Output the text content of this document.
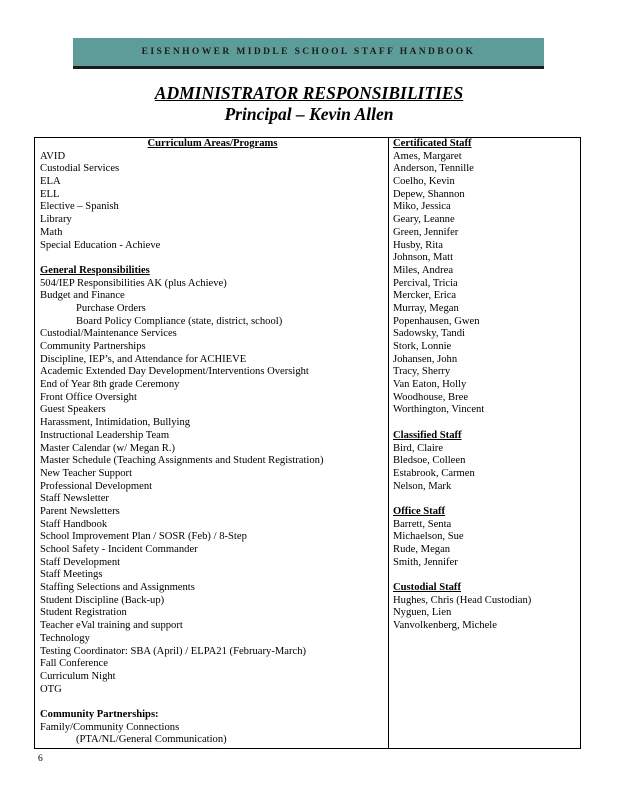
EISENHOWER MIDDLE SCHOOL STAFF HANDBOOK
ADMINISTRATOR RESPONSIBILITIES
Principal – Kevin Allen
Curriculum Areas/Programs
AVID
Custodial Services
ELA
ELL
Elective – Spanish
Library
Math
Special Education - Achieve
General Responsibilities
504/IEP Responsibilities AK (plus Achieve)
Budget and Finance
Purchase Orders
Board Policy Compliance (state, district, school)
Custodial/Maintenance Services
Community Partnerships
Discipline, IEP’s, and Attendance for ACHIEVE
Academic Extended Day Development/Interventions Oversight
End of Year 8th grade Ceremony
Front Office Oversight
Guest Speakers
Harassment, Intimidation, Bullying
Instructional Leadership Team
Master Calendar (w/ Megan R.)
Master Schedule (Teaching Assignments and Student Registration)
New Teacher Support
Professional Development
Staff Newsletter
Parent Newsletters
Staff Handbook
School Improvement Plan / SOSR (Feb) / 8-Step
School Safety - Incident Commander
Staff Development
Staff Meetings
Staffing Selections and Assignments
Student Discipline (Back-up)
Student Registration
Teacher eVal training and support
Technology
Testing Coordinator: SBA (April) / ELPA21 (February-March)
Fall Conference
Curriculum Night
OTG
Community Partnerships:
Family/Community Connections
(PTA/NL/General Communication)
Certificated Staff
Ames, Margaret
Anderson, Tennille
Coelho, Kevin
Depew, Shannon
Miko, Jessica
Geary, Leanne
Green, Jennifer
Husby, Rita
Johnson, Matt
Miles, Andrea
Percival, Tricia
Mercker, Erica
Murray, Megan
Popenhausen, Gwen
Sadowsky, Tandi
Stork, Lonnie
Johansen, John
Tracy, Sherry
Van Eaton, Holly
Woodhouse, Bree
Worthington, Vincent
Classified Staff
Bird, Claire
Bledsoe, Colleen
Estabrook, Carmen
Nelson, Mark
Office Staff
Barrett, Senta
Michaelson, Sue
Rude, Megan
Smith, Jennifer
Custodial Staff
Hughes, Chris (Head Custodian)
Nyguen, Lien
Vanvolkenberg, Michele
6
